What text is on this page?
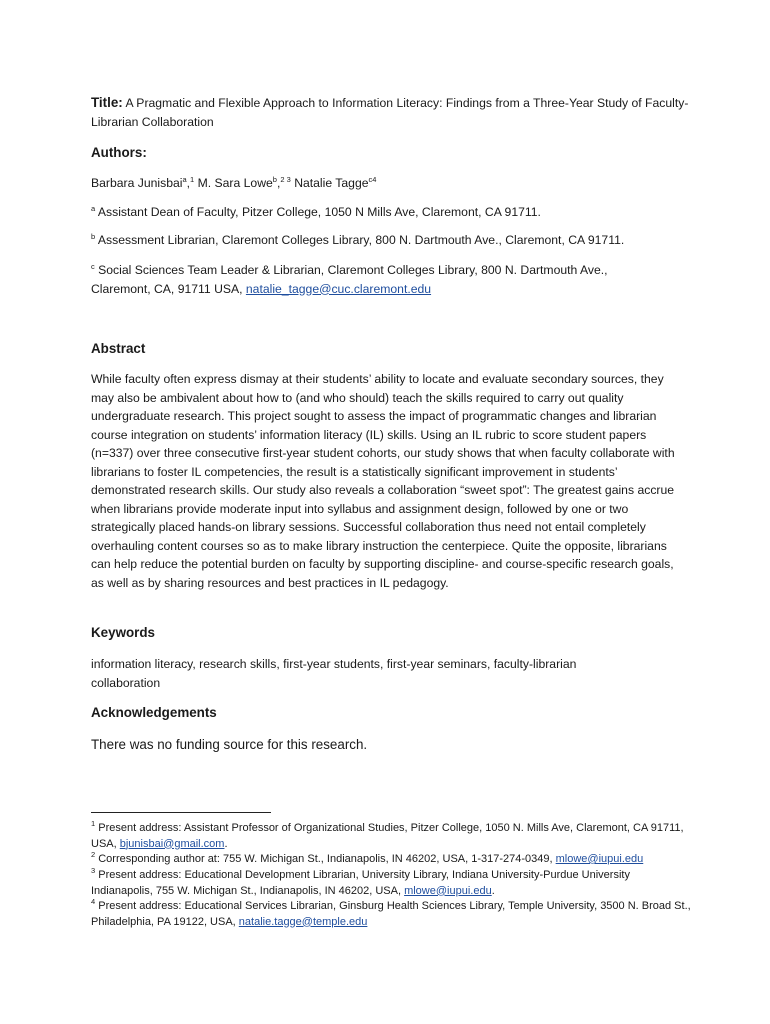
Title: A Pragmatic and Flexible Approach to Information Literacy: Findings from a Three-Year Study of Faculty-Librarian Collaboration
Authors:
Barbara Junisbai$^a$,$^1$ M. Sara Lowe$^b$,$^{2 3}$ Natalie Tagge$^{c4}$
$^a$ Assistant Dean of Faculty, Pitzer College, 1050 N Mills Ave, Claremont, CA 91711.
$^b$ Assessment Librarian, Claremont Colleges Library, 800 N. Dartmouth Ave., Claremont, CA 91711.
$^c$ Social Sciences Team Leader & Librarian, Claremont Colleges Library, 800 N. Dartmouth Ave., Claremont, CA, 91711 USA, natalie_tagge@cuc.claremont.edu
Abstract
While faculty often express dismay at their students’ ability to locate and evaluate secondary sources, they may also be ambivalent about how to (and who should) teach the skills required to carry out quality undergraduate research. This project sought to assess the impact of programmatic changes and librarian course integration on students’ information literacy (IL) skills. Using an IL rubric to score student papers (n=337) over three consecutive first-year student cohorts, our study shows that when faculty collaborate with librarians to foster IL competencies, the result is a statistically significant improvement in students’ demonstrated research skills. Our study also reveals a collaboration “sweet spot”: The greatest gains accrue when librarians provide moderate input into syllabus and assignment design, followed by one or two strategically placed hands-on library sessions. Successful collaboration thus need not entail completely overhauling content courses so as to make library instruction the centerpiece. Quite the opposite, librarians can help reduce the potential burden on faculty by supporting discipline- and course-specific research goals, as well as by sharing resources and best practices in IL pedagogy.
Keywords
information literacy, research skills, first-year students, first-year seminars, faculty-librarian collaboration
Acknowledgements
There was no funding source for this research.
$^1$ Present address: Assistant Professor of Organizational Studies, Pitzer College, 1050 N. Mills Ave, Claremont, CA 91711, USA, bjunisbai@gmail.com.
$^2$ Corresponding author at: 755 W. Michigan St., Indianapolis, IN 46202, USA, 1-317-274-0349, mlowe@iupui.edu
$^3$ Present address: Educational Development Librarian, University Library, Indiana University-Purdue University Indianapolis, 755 W. Michigan St., Indianapolis, IN 46202, USA, mlowe@iupui.edu.
$^4$ Present address: Educational Services Librarian, Ginsburg Health Sciences Library, Temple University, 3500 N. Broad St., Philadelphia, PA 19122, USA, natalie.tagge@temple.edu
